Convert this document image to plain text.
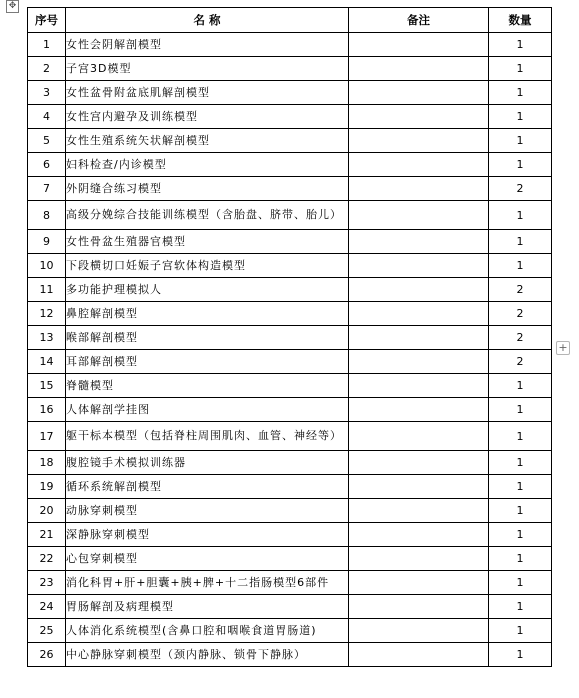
✥
序号	名 称	备注	数量
1	女性会阴解剖模型		1
2	子宫3D模型		1
3	女性盆骨附盆底肌解剖模型		1
4	女性宫内避孕及训练模型		1
5	女性生殖系统矢状解剖模型		1
6	妇科检查/内诊模型		1
7	外阴缝合练习模型		2
8	高级分娩综合技能训练模型（含胎盘、脐带、胎儿）		1
9	女性骨盆生殖器官模型		1
10	下段横切口妊娠子宫软体构造模型		1
11	多功能护理模拟人		2
12	鼻腔解剖模型		2
13	喉部解剖模型		2
14	耳部解剖模型		2
15	脊髓模型		1
16	人体解剖学挂图		1
17	躯干标本模型（包括脊柱周围肌肉、血管、神经等）		1
18	腹腔镜手术模拟训练器		1
19	循环系统解剖模型		1
20	动脉穿刺模型		1
21	深静脉穿刺模型		1
22	心包穿刺模型		1
23	消化科胃+肝+胆囊+胰+脾+十二指肠模型6部件		1
24	胃肠解剖及病理模型		1
25	人体消化系统模型(含鼻口腔和咽喉食道胃肠道)		1
26	中心静脉穿刺模型（颈内静脉、锁骨下静脉）		1
+
